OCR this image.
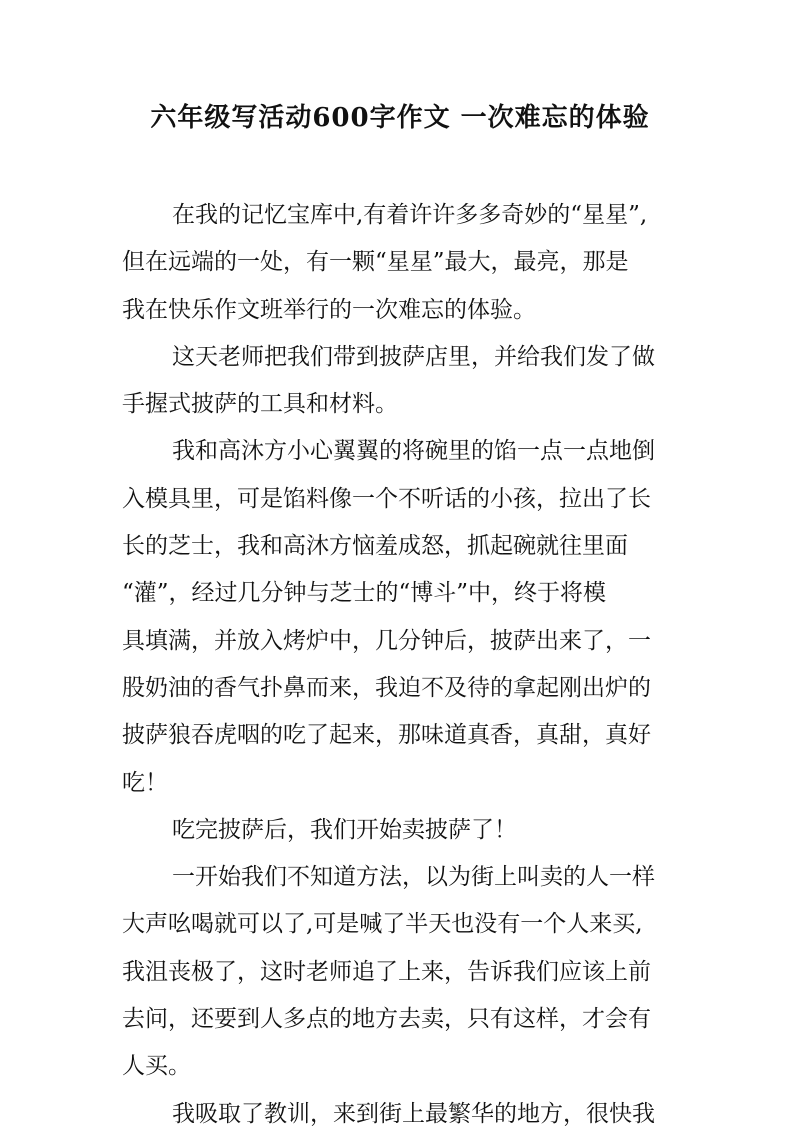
六年级写活动600字作文 一次难忘的体验

在我的记忆宝库中,有着许许多多奇妙的“星星”,
但在远端的一处，有一颗“星星”最大，最亮，那是
我在快乐作文班举行的一次难忘的体验。

这天老师把我们带到披萨店里，并给我们发了做
手握式披萨的工具和材料。

我和高沐方小心翼翼的将碗里的馅一点一点地倒
入模具里，可是馅料像一个不听话的小孩，拉出了长
长的芝士，我和高沐方恼羞成怒，抓起碗就往里面
“灌”，经过几分钟与芝士的“博斗”中，终于将模
具填满，并放入烤炉中，几分钟后，披萨出来了，一
股奶油的香气扑鼻而来，我迫不及待的拿起刚出炉的
披萨狼吞虎咽的吃了起来，那味道真香，真甜，真好
吃！

吃完披萨后，我们开始卖披萨了！

一开始我们不知道方法，以为街上叫卖的人一样
大声吆喝就可以了,可是喊了半天也没有一个人来买,
我沮丧极了，这时老师追了上来，告诉我们应该上前
去问，还要到人多点的地方去卖，只有这样，才会有
人买。

我吸取了教训，来到街上最繁华的地方，很快我
